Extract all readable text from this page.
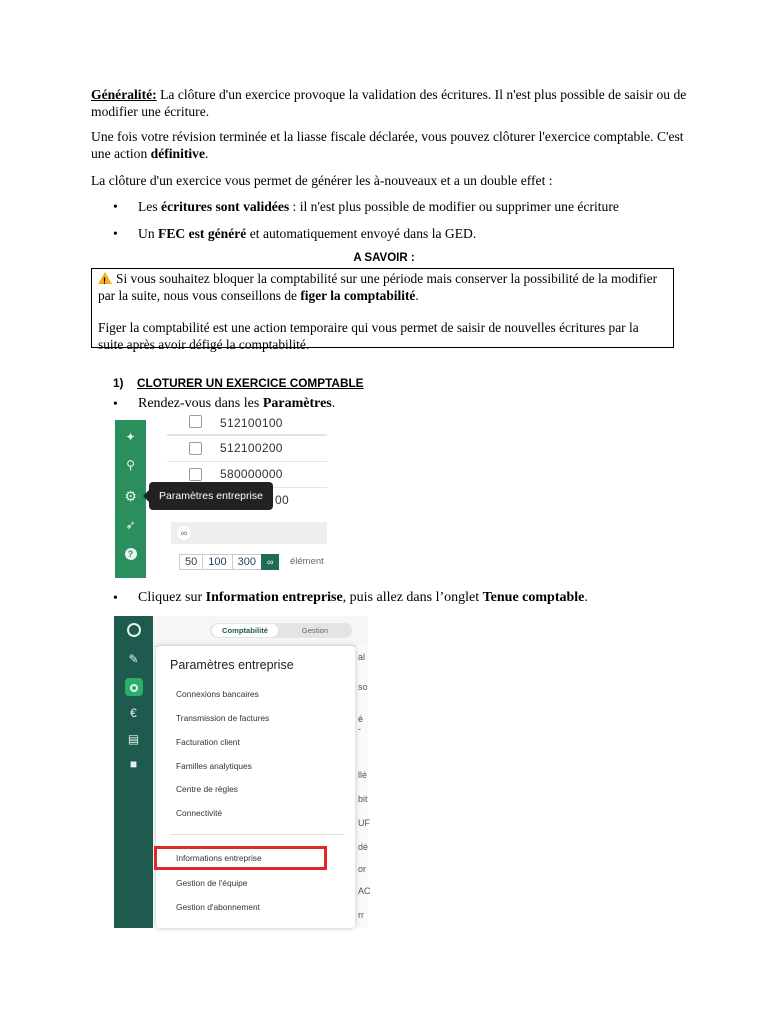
Généralité: La clôture d'un exercice provoque la validation des écritures. Il n'est plus possible de saisir ou de modifier une écriture.

Une fois votre révision terminée et la liasse fiscale déclarée, vous pouvez clôturer l'exercice comptable. C'est une action définitive.

La clôture d'un exercice vous permet de générer les à-nouveaux et a un double effet :

• Les écritures sont validées : il n'est plus possible de modifier ou supprimer une écriture
• Un FEC est généré et automatiquement envoyé dans la GED.
A SAVOIR :

!Si vous souhaitez bloquer la comptabilité sur une période mais conserver la possibilité de la modifier par la suite, nous vous conseillons de figer la comptabilité.

Figer la comptabilité est une action temporaire qui vous permet de saisir de nouvelles écritures par la suite après avoir défigé la comptabilité.

1) CLOTURER UN EXERCICE COMPTABLE
• Rendez-vous dans les Paramètres.
✦
⚲
⚙
➶
?
512100100
512100200
580000000
00
Paramètres entreprise
∞
50	100	300	∞	élément
• Cliquez sur Information entreprise, puis allez dans l’onglet Tenue comptable.
✎
€
▤
■
Comptabilité	Gestion
al
so
é -
llé
bit
UF
dé
or
AC
rr
Paramètres entreprise
Connexions bancaires
Transmission de factures
Facturation client
Familles analytiques
Centre de règles
Connectivité
Informations entreprise
Gestion de l'équipe
Gestion d'abonnement
